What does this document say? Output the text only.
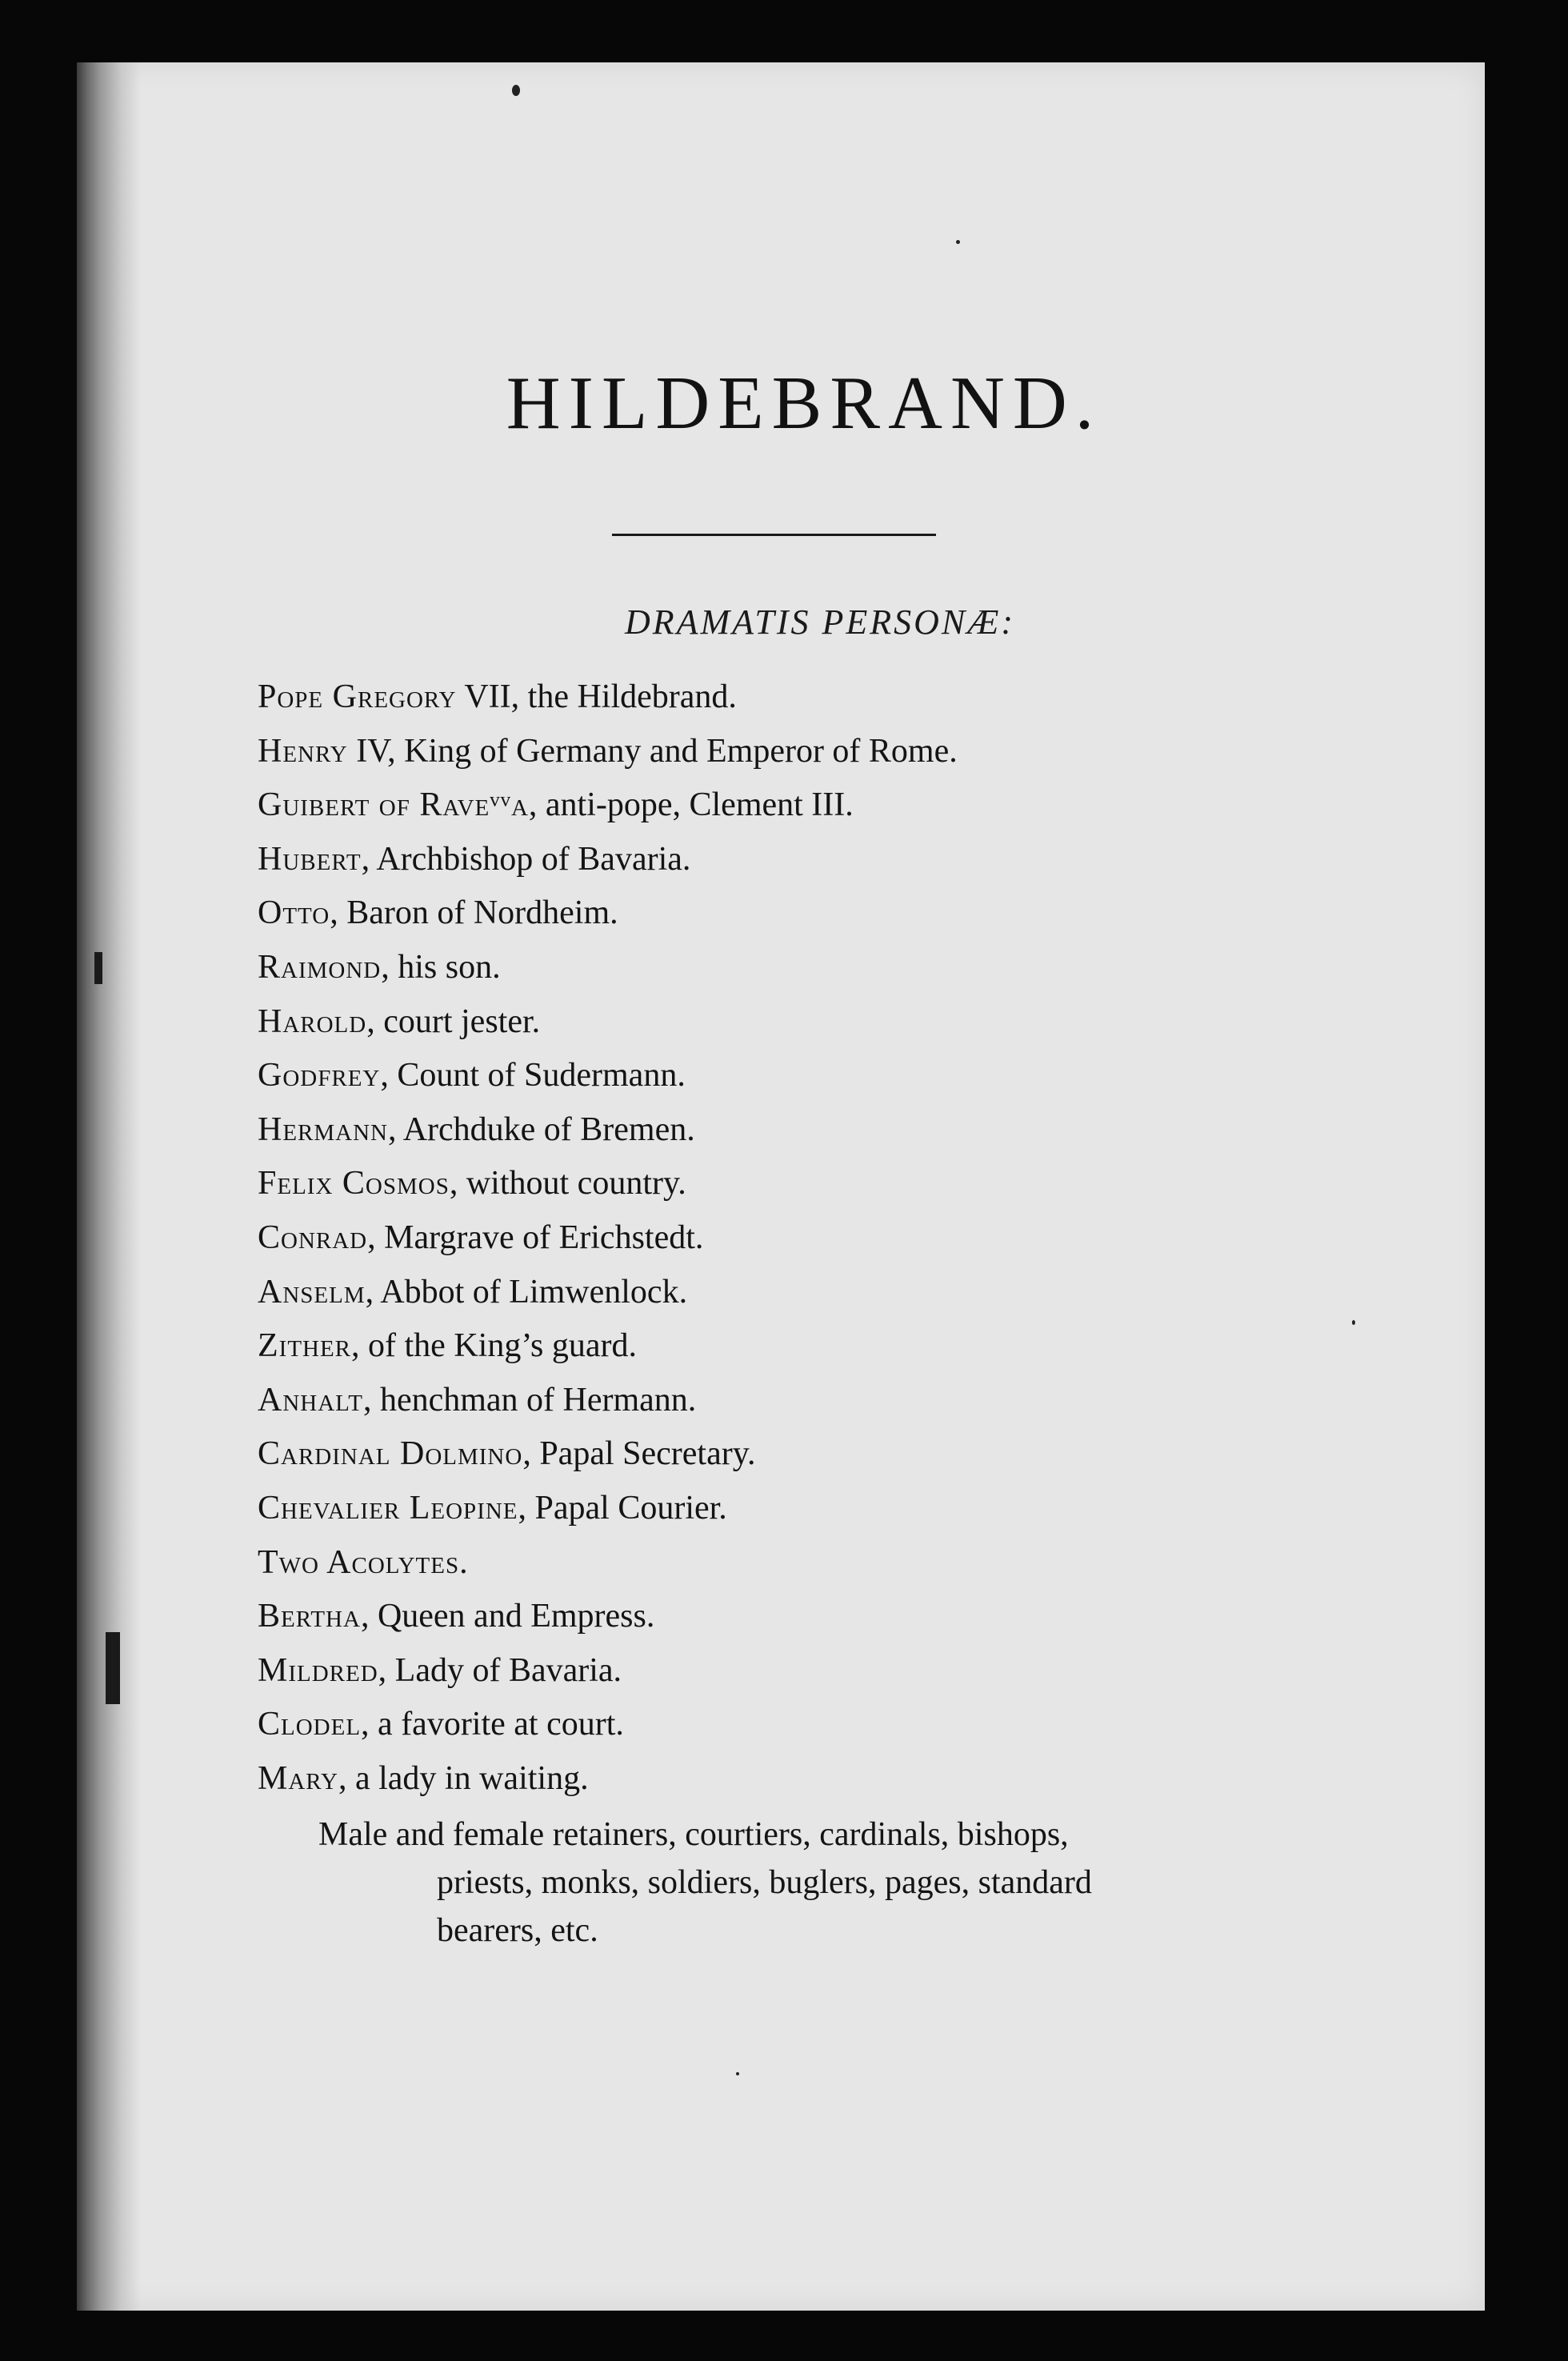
HILDEBRAND.
DRAMATIS PERSONÆ:
Pope Gregory VII, the Hildebrand.
Henry IV, King of Germany and Emperor of Rome.
Guibert of Raveᵛᵛa, anti-pope, Clement III.
Hubert, Archbishop of Bavaria.
Otto, Baron of Nordheim.
Raimond, his son.
Harold, court jester.
Godfrey, Count of Sudermann.
Hermann, Archduke of Bremen.
Felix Cosmos, without country.
Conrad, Margrave of Erichstedt.
Anselm, Abbot of Limwenlock.
Zither, of the King’s guard.
Anhalt, henchman of Hermann.
Cardinal Dolmino, Papal Secretary.
Chevalier Leopine, Papal Courier.
Two Acolytes.
Bertha, Queen and Empress.
Mildred, Lady of Bavaria.
Clodel, a favorite at court.
Mary, a lady in waiting.
Male and female retainers, courtiers, cardinals, bishops,
priests, monks, soldiers, buglers, pages, standard
bearers, etc.
